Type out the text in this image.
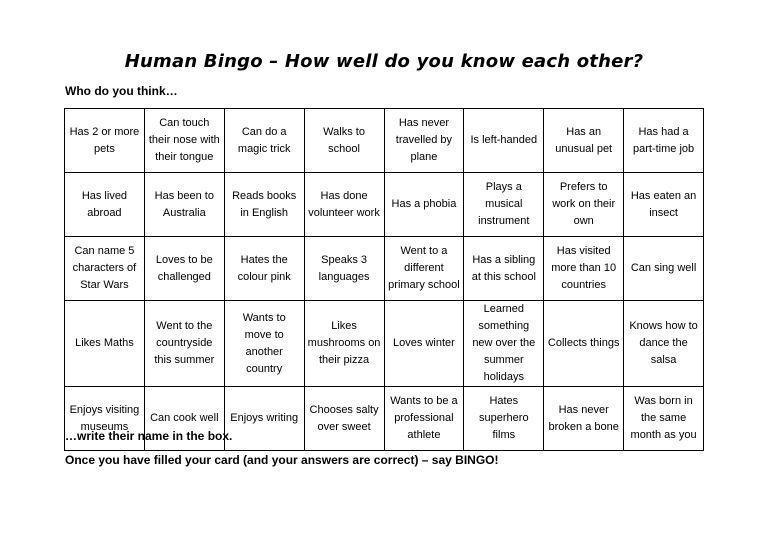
Human Bingo – How well do you know each other?
Who do you think…
Has 2 or more pets	Can touch their nose with their tongue	Can do a magic trick	Walks to school	Has never travelled by plane	Is left-handed	Has an unusual pet	Has had a part-time job
Has lived abroad	Has been to Australia	Reads books in English	Has done volunteer work	Has a phobia	Plays a musical instrument	Prefers to work on their own	Has eaten an insect
Can name 5 characters of Star Wars	Loves to be challenged	Hates the colour pink	Speaks 3 languages	Went to a different primary school	Has a sibling at this school	Has visited more than 10 countries	Can sing well
Likes Maths	Went to the countryside this summer	Wants to move to another country	Likes mushrooms on their pizza	Loves winter	Learned something new over the summer holidays	Collects things	Knows how to dance the salsa
Enjoys visiting museums	Can cook well	Enjoys writing	Chooses salty over sweet	Wants to be a professional athlete	Hates superhero films	Has never broken a bone	Was born in the same month as you
…write their name in the box.
Once you have filled your card (and your answers are correct) – say BINGO!
